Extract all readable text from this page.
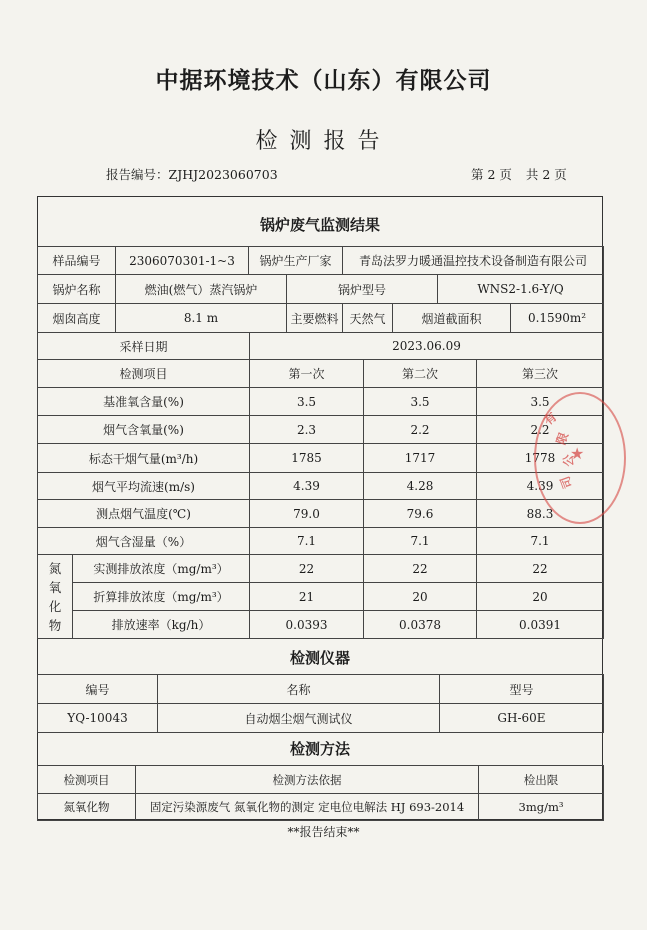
中据环境技术（山东）有限公司
检测报告
报告编号：ZJHJ2023060703	第 2 页 共 2 页
锅炉废气监测结果
样品编号	2306070301-1~3	锅炉生产厂家		青岛法罗力暖通温控技术设备制造有限公司			
锅炉名称	燃油(燃气）蒸汽锅炉		锅炉型号			WNS2-1.6-Y/Q	
烟囱高度	8.1 m		主要燃料	天然气	烟道截面积		0.1590m²
采样日期		2023.06.09		
检测项目		第一次	第二次	第三次
基准氧含量(%)		3.5	3.5	3.5
烟气含氧量(%)		2.3	2.2	2.2
标态干烟气量(m³/h)		1785	1717	1778
烟气平均流速(m/s)		4.39	4.28	4.39
测点烟气温度(℃)		79.0	79.6	88.3
烟气含湿量（%）		7.1	7.1	7.1
氮氧化物	实测排放浓度（mg/m³）	22	22	22
	折算排放浓度（mg/m³）	21	20	20
	排放速率（kg/h）	0.0393	0.0378	0.0391
检测仪器
编号	名称	型号
YQ-10043	自动烟尘烟气测试仪	GH-60E
检测方法
检测项目	检测方法依据	检出限
氮氧化物	固定污染源废气 氮氧化物的测定 定电位电解法 HJ 693-2014	3mg/m³
**报告结束**
有
限
公
司
★
